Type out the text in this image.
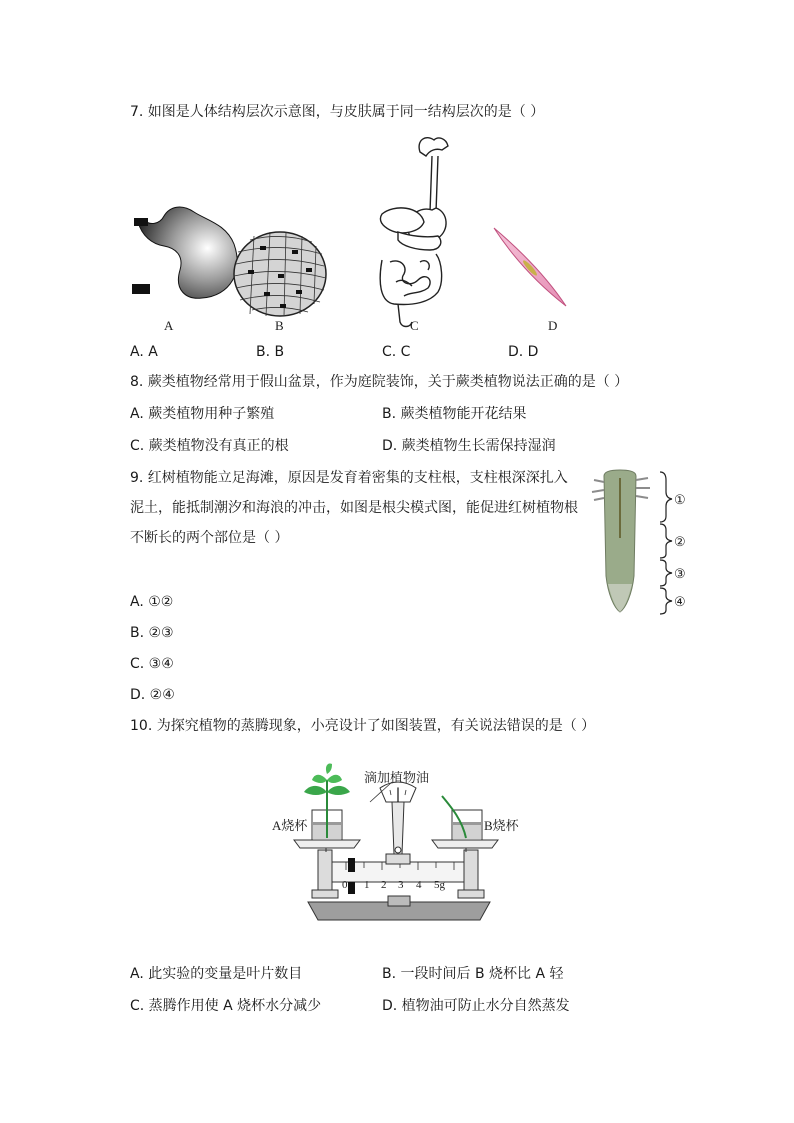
7. 如图是人体结构层次示意图，与皮肤属于同一结构层次的是（ ）
A	B	C	D
A. A	B. B	C. C	D. D
8. 蕨类植物经常用于假山盆景，作为庭院装饰，关于蕨类植物说法正确的是（ ）
A. 蕨类植物用种子繁殖	B. 蕨类植物能开花结果
C. 蕨类植物没有真正的根	D. 蕨类植物生长需保持湿润
9. 红树植物能立足海滩，原因是发育着密集的支柱根，支柱根深深扎入
泥土，能抵制潮汐和海浪的冲击，如图是根尖模式图，能促进红树植物根
不断长的两个部位是（ ）
①
②
③
④
A. ①②
B. ②③
C. ③④
D. ②④
10. 为探究植物的蒸腾现象，小亮设计了如图装置，有关说法错误的是（ ）
0 1 2 3 4 5g
滴加植物油
A烧杯	B烧杯
A. 此实验的变量是叶片数目	B. 一段时间后 B 烧杯比 A 轻
C. 蒸腾作用使 A 烧杯水分减少	D. 植物油可防止水分自然蒸发
